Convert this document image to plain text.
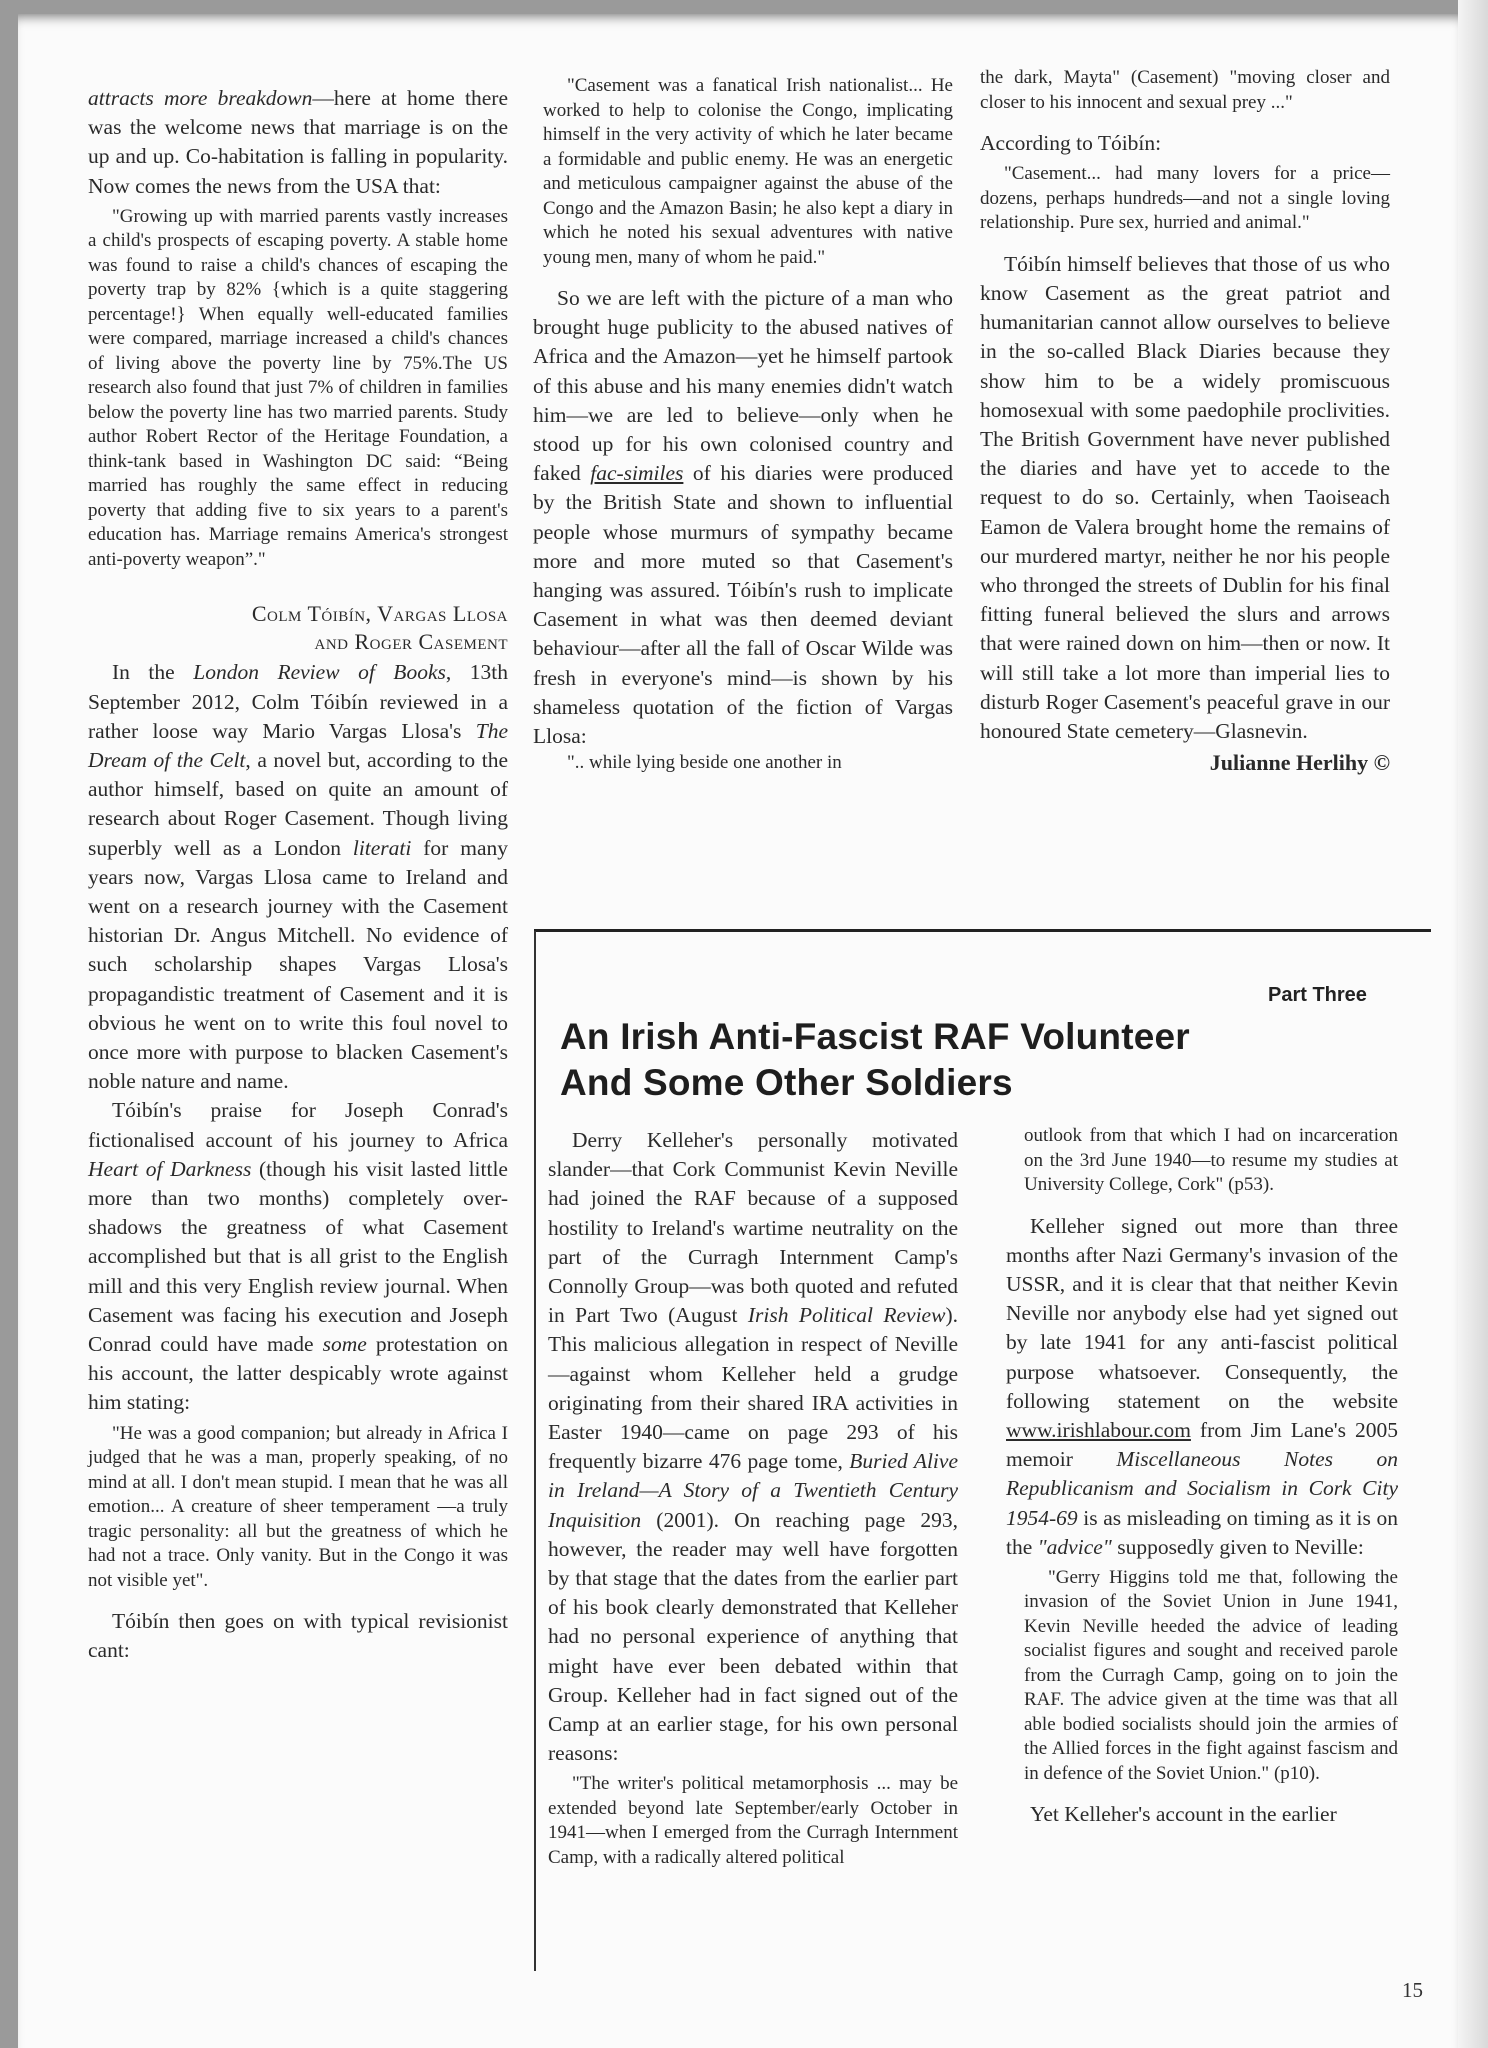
attracts more breakdown—here at home there was the welcome news that marriage is on the up and up. Co-habitation is falling in popularity. Now comes the news from the USA that:

"Growing up with married parents vastly increases a child's prospects of escaping poverty. A stable home was found to raise a child's chances of escaping the poverty trap by 82% {which is a quite staggering percentage!} When equally well-educated families were compared, marriage increased a child's chances of living above the poverty line by 75%.The US research also found that just 7% of children in families below the poverty line has two married parents. Study author Robert Rector of the Heritage Foundation, a think-tank based in Washington DC said: “Being married has roughly the same effect in reducing poverty that adding five to six years to a parent's education has. Marriage remains America's strongest anti-poverty weapon”."

Colm Tóibín, Vargas Llosa
and Roger Casement

In the London Review of Books, 13th September 2012, Colm Tóibín reviewed in a rather loose way Mario Vargas Llosa's The Dream of the Celt, a novel but, according to the author himself, based on quite an amount of research about Roger Casement. Though living superbly well as a London literati for many years now, Vargas Llosa came to Ireland and went on a research journey with the Casement historian Dr. Angus Mitchell. No evidence of such scholarship shapes Vargas Llosa's propagandistic treatment of Casement and it is obvious he went on to write this foul novel to once more with purpose to blacken Casement's noble nature and name.

Tóibín's praise for Joseph Conrad's fictionalised account of his journey to Africa Heart of Darkness (though his visit lasted little more than two months) completely over-shadows the greatness of what Casement accomplished but that is all grist to the English mill and this very English review journal. When Casement was facing his execution and Joseph Conrad could have made some protestation on his account, the latter despicably wrote against him stating:

"He was a good companion; but already in Africa I judged that he was a man, properly speaking, of no mind at all. I don't mean stupid. I mean that he was all emotion... A creature of sheer temperament —a truly tragic personality: all but the greatness of which he had not a trace. Only vanity. But in the Congo it was not visible yet".

Tóibín then goes on with typical revisionist cant:

"Casement was a fanatical Irish nationalist... He worked to help to colonise the Congo, implicating himself in the very activity of which he later became a formidable and public enemy. He was an energetic and meticulous campaigner against the abuse of the Congo and the Amazon Basin; he also kept a diary in which he noted his sexual adventures with native young men, many of whom he paid."

So we are left with the picture of a man who brought huge publicity to the abused natives of Africa and the Amazon—yet he himself partook of this abuse and his many enemies didn't watch him—we are led to believe—only when he stood up for his own colonised country and faked fac-similes of his diaries were produced by the British State and shown to influential people whose murmurs of sympathy became more and more muted so that Casement's hanging was assured. Tóibín's rush to implicate Casement in what was then deemed deviant behaviour—after all the fall of Oscar Wilde was fresh in everyone's mind—is shown by his shameless quotation of the fiction of Vargas Llosa:

".. while lying beside one another in

the dark, Mayta" (Casement) "moving closer and closer to his innocent and sexual prey ..."

According to Tóibín:

"Casement... had many lovers for a price—dozens, perhaps hundreds—and not a single loving relationship. Pure sex, hurried and animal."

Tóibín himself believes that those of us who know Casement as the great patriot and humanitarian cannot allow ourselves to believe in the so-called Black Diaries because they show him to be a widely promiscuous homosexual with some paedophile proclivities. The British Government have never published the diaries and have yet to accede to the request to do so. Certainly, when Taoiseach Eamon de Valera brought home the remains of our murdered martyr, neither he nor his people who thronged the streets of Dublin for his final fitting funeral believed the slurs and arrows that were rained down on him—then or now. It will still take a lot more than imperial lies to disturb Roger Casement's peaceful grave in our honoured State cemetery—Glasnevin.

Julianne Herlihy ©
Part Three
An Irish Anti-Fascist RAF Volunteer
And Some Other Soldiers

Derry Kelleher's personally motivated slander—that Cork Communist Kevin Neville had joined the RAF because of a supposed hostility to Ireland's wartime neutrality on the part of the Curragh Internment Camp's Connolly Group—was both quoted and refuted in Part Two (August Irish Political Review). This malicious allegation in respect of Neville—against whom Kelleher held a grudge originating from their shared IRA activities in Easter 1940—came on page 293 of his frequently bizarre 476 page tome, Buried Alive in Ireland—A Story of a Twentieth Century Inquisition (2001). On reaching page 293, however, the reader may well have forgotten by that stage that the dates from the earlier part of his book clearly demonstrated that Kelleher had no personal experience of anything that might have ever been debated within that Group. Kelleher had in fact signed out of the Camp at an earlier stage, for his own personal reasons:

"The writer's political metamorphosis ... may be extended beyond late September/early October in 1941—when I emerged from the Curragh Internment Camp, with a radically altered political

outlook from that which I had on incarceration on the 3rd June 1940—to resume my studies at University College, Cork" (p53).

Kelleher signed out more than three months after Nazi Germany's invasion of the USSR, and it is clear that that neither Kevin Neville nor anybody else had yet signed out by late 1941 for any anti-fascist political purpose whatsoever. Consequently, the following statement on the website www.irishlabour.com from Jim Lane's 2005 memoir Miscellaneous Notes on Republicanism and Socialism in Cork City 1954-69 is as misleading on timing as it is on the "advice" supposedly given to Neville:

"Gerry Higgins told me that, following the invasion of the Soviet Union in June 1941, Kevin Neville heeded the advice of leading socialist figures and sought and received parole from the Curragh Camp, going on to join the RAF. The advice given at the time was that all able bodied socialists should join the armies of the Allied forces in the fight against fascism and in defence of the Soviet Union." (p10).

Yet Kelleher's account in the earlier

15
